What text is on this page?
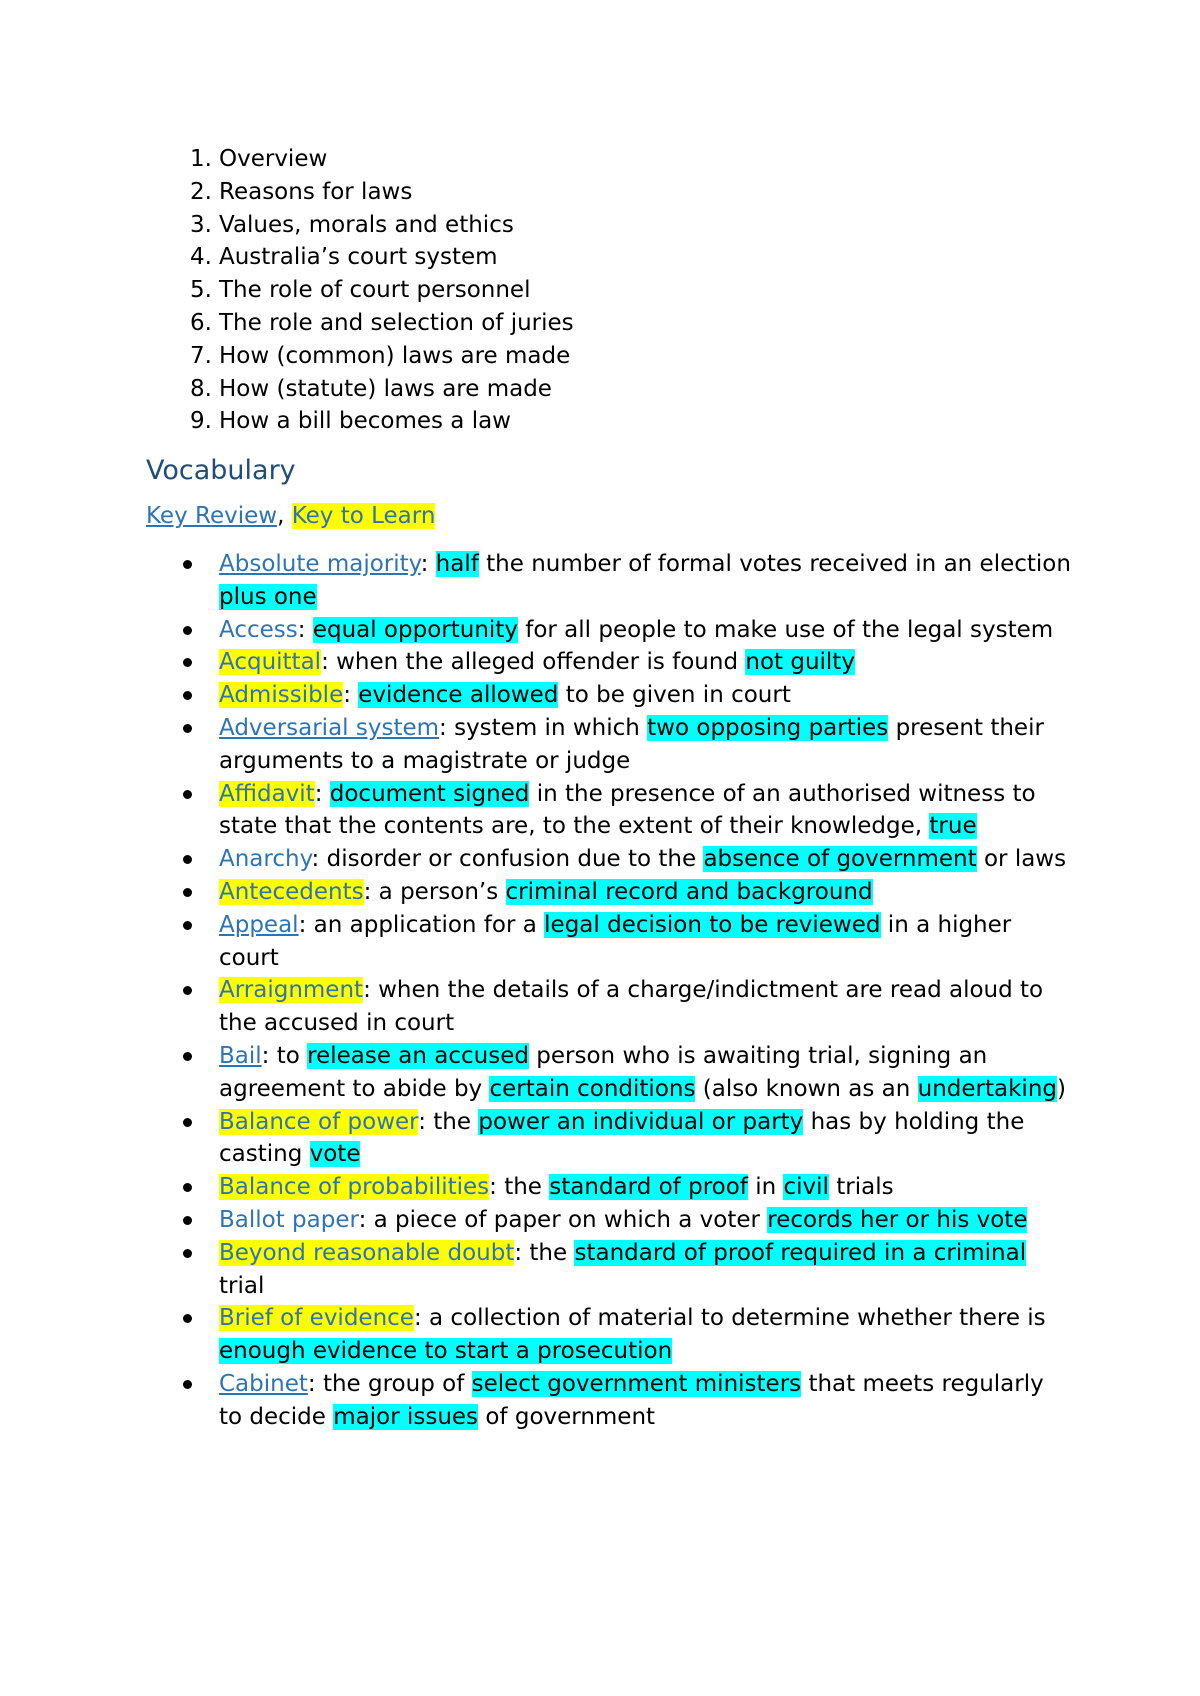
1. Overview
2. Reasons for laws
3. Values, morals and ethics
4. Australia’s court system
5. The role of court personnel
6. The role and selection of juries
7. How (common) laws are made
8. How (statute) laws are made
9. How a bill becomes a law
Vocabulary
Key Review, Key to Learn
Absolute majority: half the number of formal votes received in an election plus one
Access: equal opportunity for all people to make use of the legal system
Acquittal: when the alleged offender is found not guilty
Admissible: evidence allowed to be given in court
Adversarial system: system in which two opposing parties present their arguments to a magistrate or judge
Affidavit: document signed in the presence of an authorised witness to state that the contents are, to the extent of their knowledge, true
Anarchy: disorder or confusion due to the absence of government or laws
Antecedents: a person’s criminal record and background
Appeal: an application for a legal decision to be reviewed in a higher court
Arraignment: when the details of a charge/indictment are read aloud to the accused in court
Bail: to release an accused person who is awaiting trial, signing an agreement to abide by certain conditions (also known as an undertaking)
Balance of power: the power an individual or party has by holding the casting vote
Balance of probabilities: the standard of proof in civil trials
Ballot paper: a piece of paper on which a voter records her or his vote
Beyond reasonable doubt: the standard of proof required in a criminal trial
Brief of evidence: a collection of material to determine whether there is enough evidence to start a prosecution
Cabinet: the group of select government ministers that meets regularly to decide major issues of government
